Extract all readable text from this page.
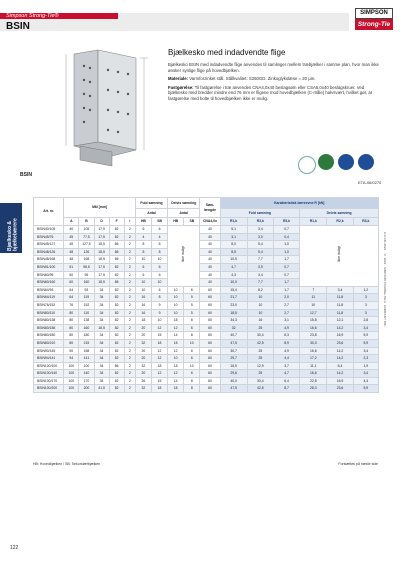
Simpson Strong-Tie®
BSIN
SIMPSON
Strong-Tie
BSIN
Bjælkesko med indadvendte flige

Bjælkesko BSIN med indadvendte flige anvendes til samlinger mellem træbjælker i samme plan, hvor man ikke ønsker synlige flige på hovedbjælken.

Materiale: Varmforzinket stål. Stålkvalitet: S250GD. Zinkoglykslæse = 20 µm.

Fastgørelse: Til fastgørelse i træ anvendes CNA4,0x40 beslagsøm eller CSA5,0x40 beslagskruer. Ved bjælkesko med bredder mindre end 76 mm er fligene mod hovedbjælken (C-måle) halvsvært, hvilket gør, at fastgørelse med bolte til hovedbjælken ikke er mulig.

ETA-06/0270
Bjælkesko & bjælkebærere	C-C-DK-2023 · © 2022 · SIMPSON STRONG-TIE® COMPANY INC.
Art. nr.	Mål [mm]					Fuld sømning		Delvis sømning		Søm-længde	Karakteristisk bæreevne R [kN]					
						Antal		Antal			Fuld sømning			Delvis sømning		
	A	B	D	F	I	HB	SB	HB	SB	CNA4,0x	R1,k	R2,k	R3,k	R1,k	R2,k	R3,k
BSIN40/105	40	105	17,5	82	2	6	6	Ikke muligt		40	5,1	3,4	0,7	Ikke muligt		
BSIN45/76	45	77,5	17,5	82	2	4	4			40	3,1	3,0	0,4			
BSIN45/127	45	127,5	18,5	86	2	8	8			40	8,0	5,4	1,0			
BSIN48/126	48	126	18,5	86	2	8	8			40	8,5	5,4	1,0			
BSIN48/168	48	168	18,5	86	2	10	10			40	10,5	7,7	1,7			
BSIN51/100	51	98,5	17,5	82	2	6	6			40	4,7	3,9	0,7			
BSIN60/95	60	95	17,5	82	2	6	6			40	4,3	3,4	0,7			
BSIN60/160	60	160	18,5	86	2	10	10			40	10,0	7,7	1,7			
BSIN64/93	64	93	34	82	2	10	6	10	6	60	15,4	8,2	1,7	7	3,4	1,2
BSIN64/119	64	119	34	82	2	16	8	10	5	60	21,7	10	2,0	11	11,8	3
BSIN76/152	76	152	34	82	2	16	9	10	5	60	23,0	10	2,7	10	11,8	3
BSIN80/110	80	110	34	82	2	16	9	10	5	60	18,5	10	2,7	12,7	11,8	3
BSIN80/138	80	138	34	82	2	18	10	18	6	60	34,3	16	3,1	15,8	12,1	2,8
BSIN80/158	80	160	18,5	82	2	20	12	12	6	60	32	25	4,9	16,6	14,2	3,4
BSIN80/180	80	180	34	82	2	20	15	14	8	60	40,7	30,4	6,3	23,8	16,9	5,9
BSIN80/210	80	215	34	82	2	32	18	18	10	60	47,5	42,5	8,9	30,3	23,6	5,9
BSIN90/145	90	158	34	82	2	20	12	12	6	60	30,7	25	4,9	16,6	14,2	3,4
BSIN94/141	94	141	34	82	2	20	12	10	6	60	29,7	25	4,4	17,2	14,2	2,3
BSIN100/100	100	100	34	86	2	32	18	18	10	60	16,5	12,9	3,7	11,1	6,4	1,9
BSIN100/140	100	140	34	82	2	20	12	12	6	60	29,6	25	4,7	16,6	14,2	3,4
BSIN100/170	100	170	34	82	2	26	15	14	8	60	40,0	30,4	6,4	22,8	16,9	4,4
BSIN100/200	100	200	41,5	82	2	32	18	18	8	60	47,5	42,5	8,7	28,3	23,6	5,9
HB: Hovedbjælken / SB: Sekundærbjælken	Fortsættes på næste side
122
